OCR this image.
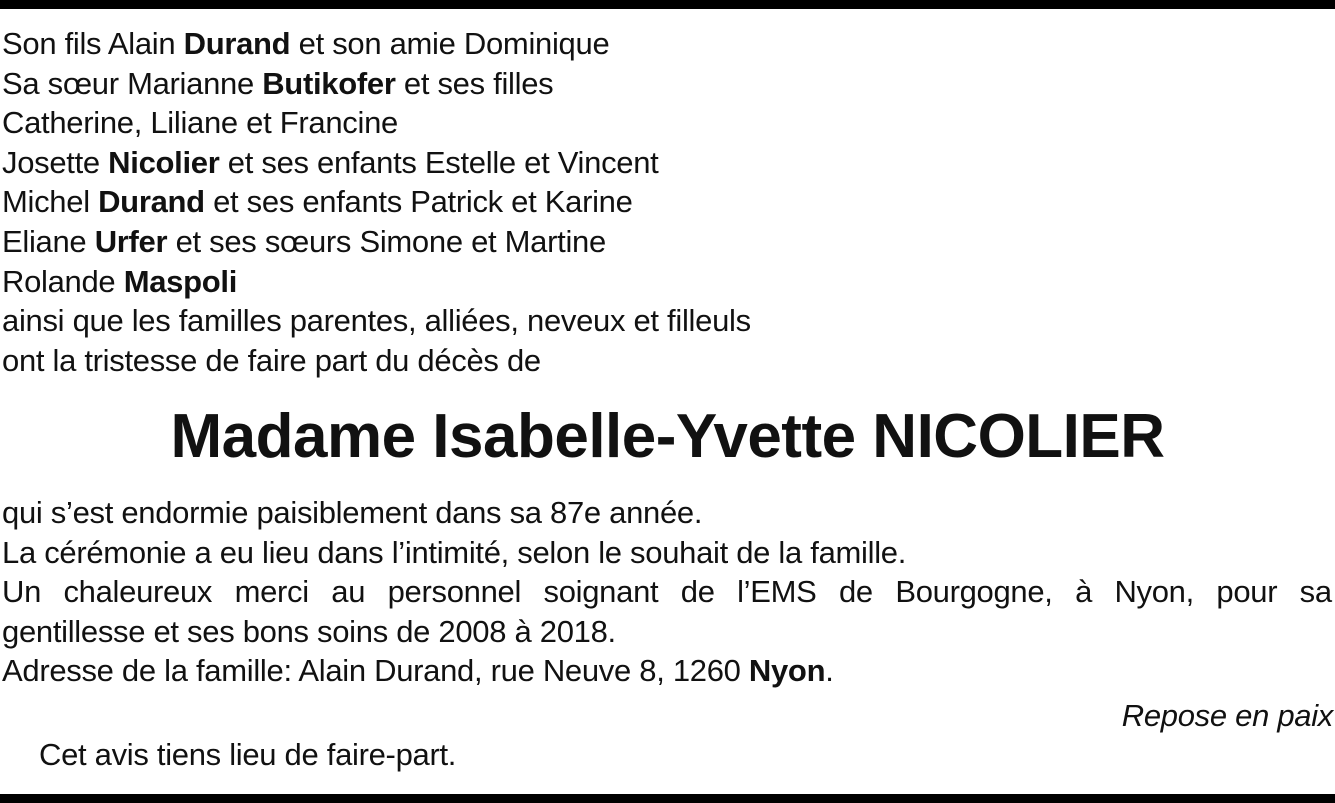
Son fils Alain Durand et son amie Dominique
Sa sœur Marianne Butikofer et ses filles
Catherine, Liliane et Francine
Josette Nicolier et ses enfants Estelle et Vincent
Michel Durand et ses enfants Patrick et Karine
Eliane Urfer et ses sœurs Simone et Martine
Rolande Maspoli
ainsi que les familles parentes, alliées, neveux et filleuls
ont la tristesse de faire part du décès de
Madame Isabelle-Yvette NICOLIER
qui s’est endormie paisiblement dans sa 87e année.
La cérémonie a eu lieu dans l’intimité, selon le souhait de la famille.
Un chaleureux merci au personnel soignant de l’EMS de Bourgogne, à Nyon, pour sa
gentillesse et ses bons soins de 2008 à 2018.
Adresse de la famille: Alain Durand, rue Neuve 8, 1260 Nyon.

Repose en paix

Cet avis tiens lieu de faire-part.
